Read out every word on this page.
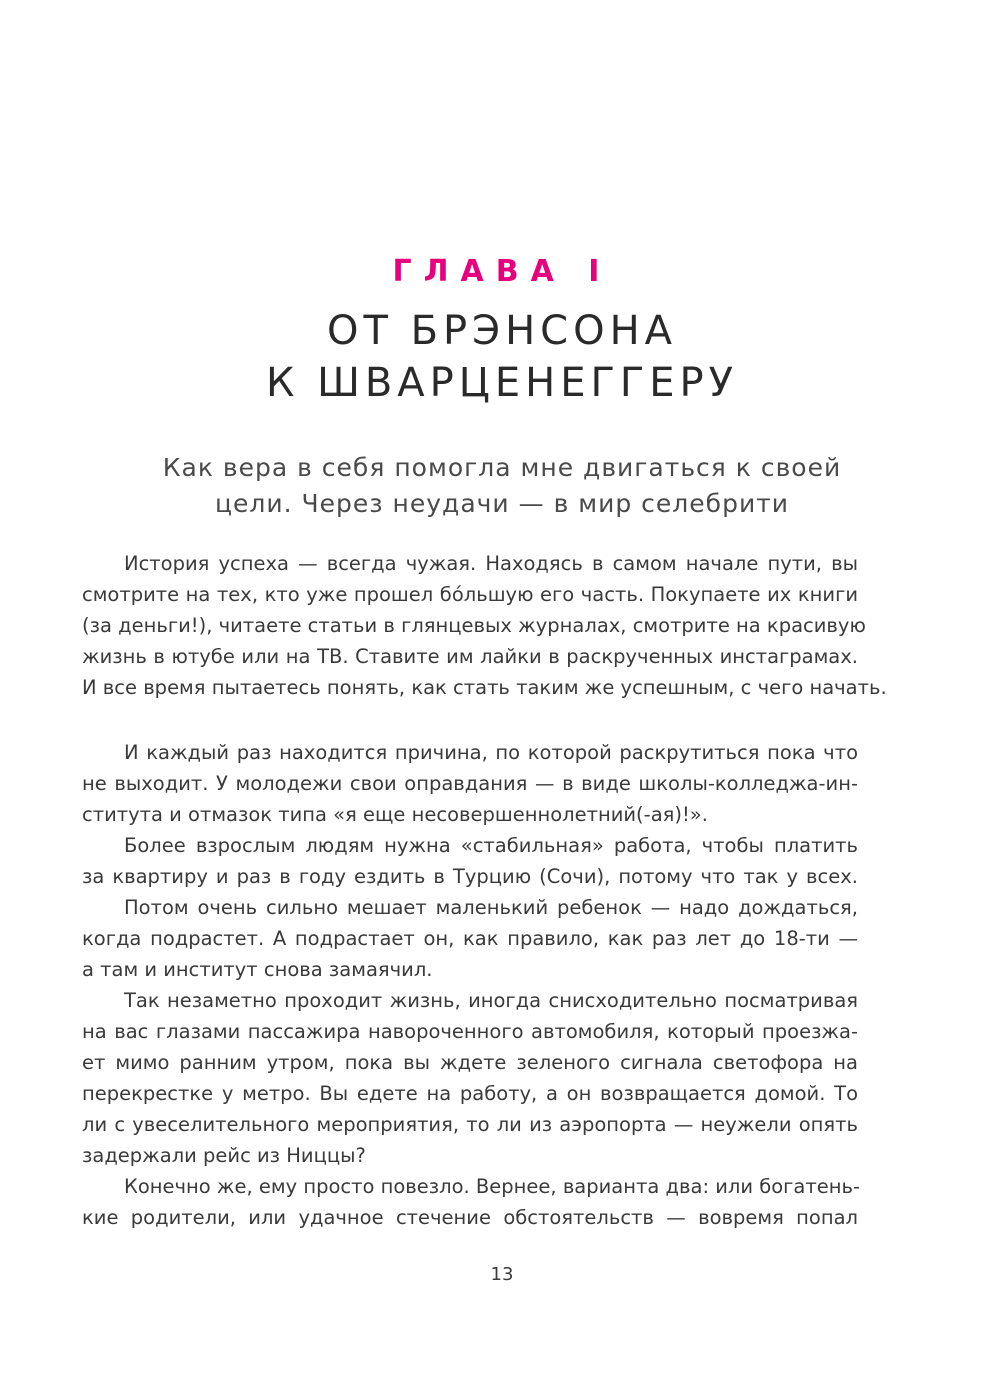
ГЛАВА I
ОТ БРЭНСОНА
К ШВАРЦЕНЕГГЕРУ
Как вера в себя помогла мне двигаться к своей
цели. Через неудачи — в мир селебрити
История успеха — всегда чужая. Находясь в самом начале пути, вы
смотрите на тех, кто уже прошел бóльшую его часть. Покупаете их книги
(за деньги!), читаете статьи в глянцевых журналах, смотрите на красивую
жизнь в ютубе или на ТВ. Ставите им лайки в раскрученных инстаграмах.
И все время пытаетесь понять, как стать таким же успешным, с чего начать.
И каждый раз находится причина, по которой раскрутиться пока что
не выходит. У молодежи свои оправдания — в виде школы-колледжа-ин-
ститута и отмазок типа «я еще несовершеннолетний(-ая)!».
Более взрослым людям нужна «стабильная» работа, чтобы платить
за квартиру и раз в году ездить в Турцию (Сочи), потому что так у всех.
Потом очень сильно мешает маленький ребенок — надо дождаться,
когда подрастет. А подрастает он, как правило, как раз лет до 18-ти —
а там и институт снова замаячил.
Так незаметно проходит жизнь, иногда снисходительно посматривая
на вас глазами пассажира навороченного автомобиля, который проезжа-
ет мимо ранним утром, пока вы ждете зеленого сигнала светофора на
перекрестке у метро. Вы едете на работу, а он возвращается домой. То
ли с увеселительного мероприятия, то ли из аэропорта — неужели опять
задержали рейс из Ниццы?
Конечно же, ему просто повезло. Вернее, варианта два: или богатень-
кие родители, или удачное стечение обстоятельств — вовремя попал
13
